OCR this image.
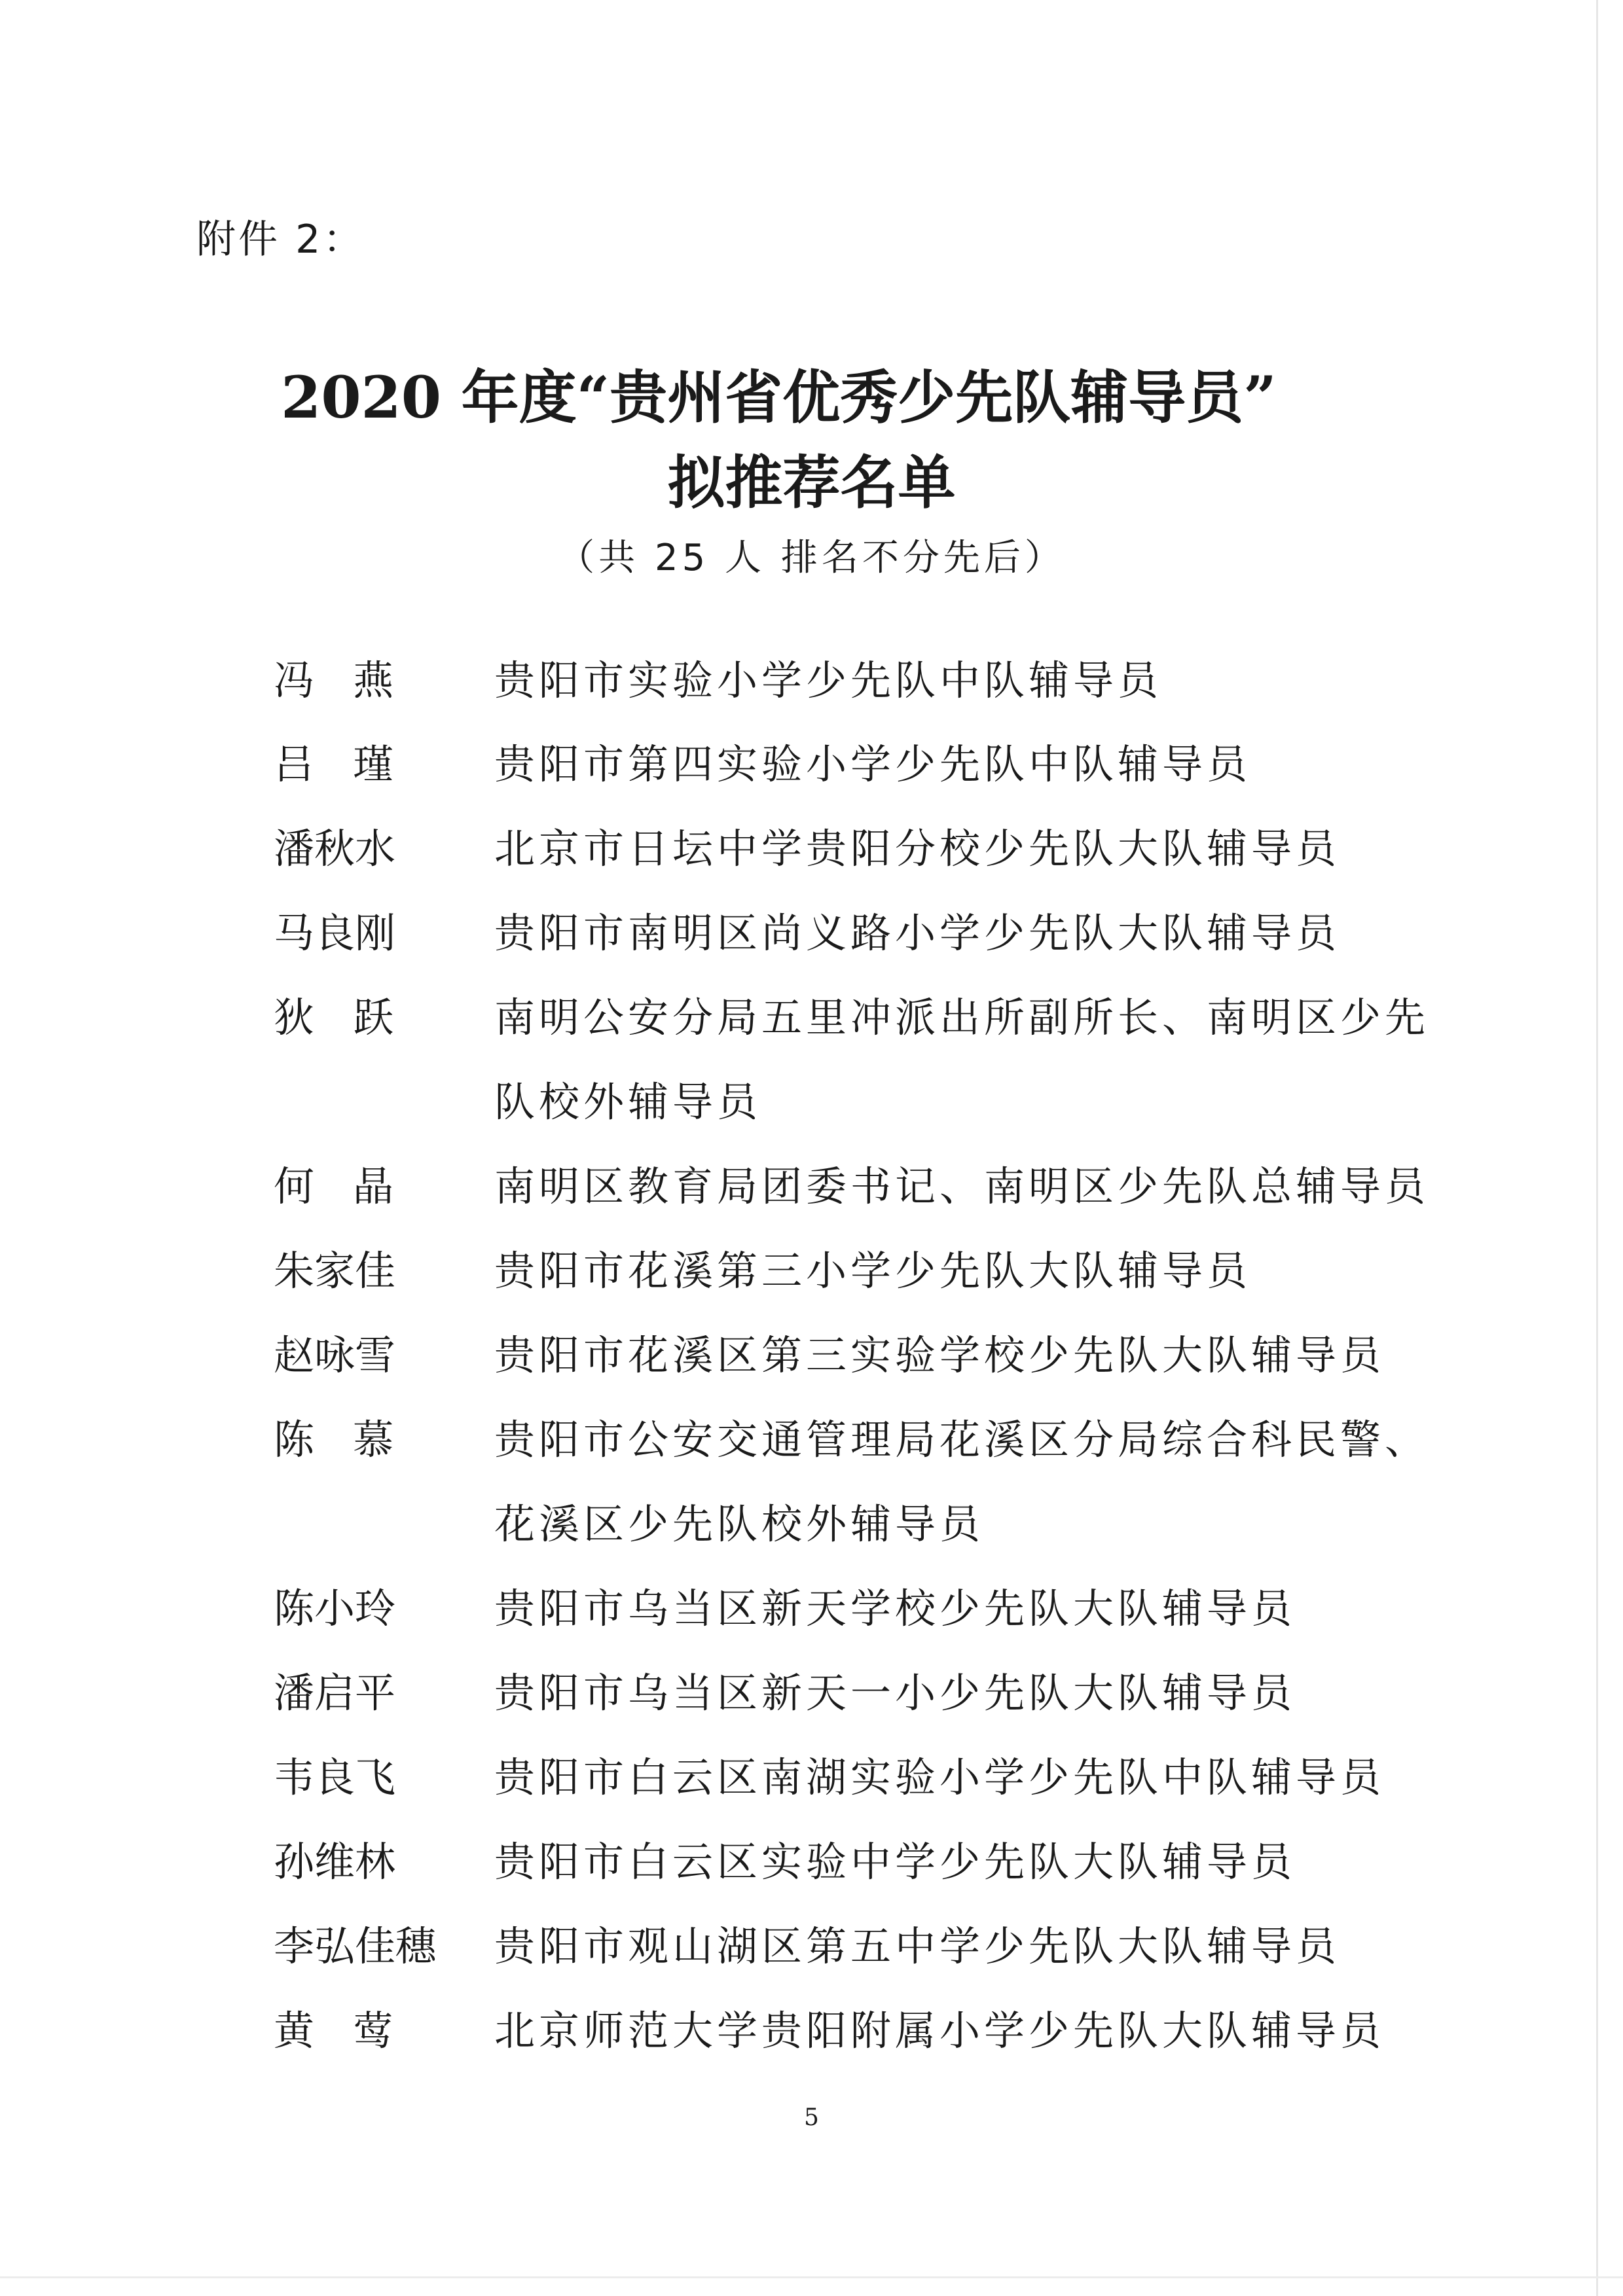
附件 2：
2020 年度“贵州省优秀少先队辅导员”
拟推荐名单
（共 25 人 排名不分先后）
冯   燕 贵阳市实验小学少先队中队辅导员
吕   瑾 贵阳市第四实验小学少先队中队辅导员
潘秋水 北京市日坛中学贵阳分校少先队大队辅导员
马良刚 贵阳市南明区尚义路小学少先队大队辅导员
狄   跃 南明公安分局五里冲派出所副所长、南明区少先
队校外辅导员
何   晶 南明区教育局团委书记、南明区少先队总辅导员
朱家佳 贵阳市花溪第三小学少先队大队辅导员
赵咏雪 贵阳市花溪区第三实验学校少先队大队辅导员
陈   慕 贵阳市公安交通管理局花溪区分局综合科民警、
花溪区少先队校外辅导员
陈小玲 贵阳市乌当区新天学校少先队大队辅导员
潘启平 贵阳市乌当区新天一小少先队大队辅导员
韦良飞 贵阳市白云区南湖实验小学少先队中队辅导员
孙维林 贵阳市白云区实验中学少先队大队辅导员
李弘佳穗 贵阳市观山湖区第五中学少先队大队辅导员
黄   莺 北京师范大学贵阳附属小学少先队大队辅导员
5
